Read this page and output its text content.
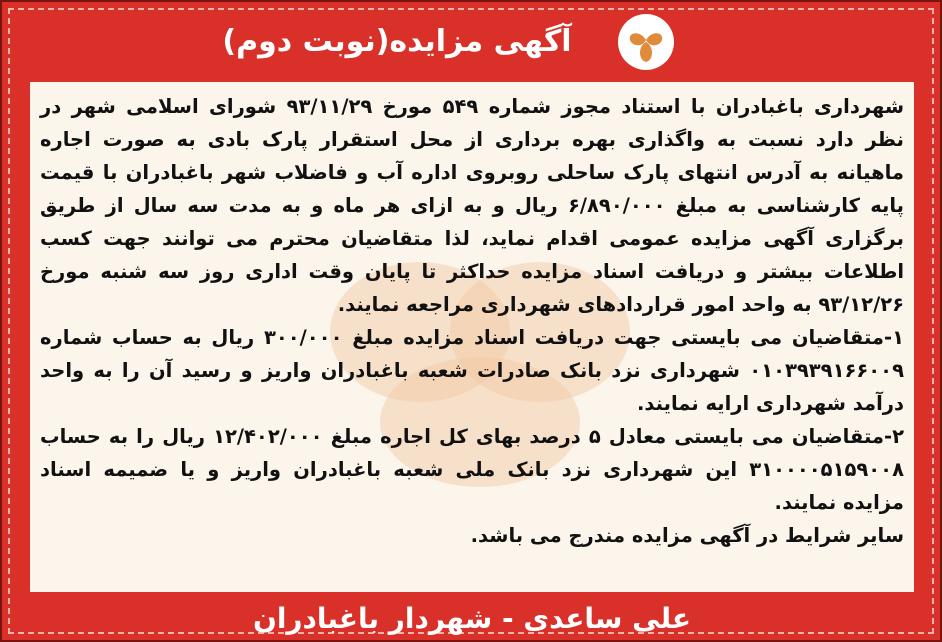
آگهی مزایده(نوبت دوم)

شهرداری باغبادران با استناد مجوز شماره ۵۴۹ مورخ ۹۳/۱۱/۲۹ شورای اسلامی شهر در نظر دارد نسبت به واگذاری بهره برداری از محل استقرار پارک بادی به صورت اجاره ماهیانه به آدرس انتهای پارک ساحلی روبروی اداره آب و فاضلاب شهر باغبادران با قیمت پایه کارشناسی به مبلغ ۶/۸۹۰/۰۰۰ ریال و به ازای هر ماه و به مدت سه سال از طریق برگزاری آگهی مزایده عمومی اقدام نماید، لذا متقاضیان محترم می توانند جهت کسب اطلاعات بیشتر و دریافت اسناد مزایده حداکثر تا پایان وقت اداری روز سه شنبه مورخ ۹۳/۱۲/۲۶ به واحد امور قراردادهای شهرداری مراجعه نمایند.

۱-متقاضیان می بایستی جهت دریافت اسناد مزایده مبلغ ۳۰۰/۰۰۰ ریال به حساب شماره ۰۱۰۳۹۳۹۱۶۶۰۰۹ شهرداری نزد بانک صادرات شعبه باغبادران واریز و رسید آن را به واحد درآمد شهرداری ارایه نمایند.

۲-متقاضیان می بایستی معادل ۵ درصد بهای کل اجاره مبلغ ۱۲/۴۰۲/۰۰۰ ریال را به حساب ۳۱۰۰۰۰۵۱۵۹۰۰۸ این شهرداری نزد بانک ملی شعبه باغبادران واریز و یا ضمیمه اسناد مزایده نمایند.

سایر شرایط در آگهی مزایده مندرج می باشد.

علی ساعدی - شهردار باغبادران
